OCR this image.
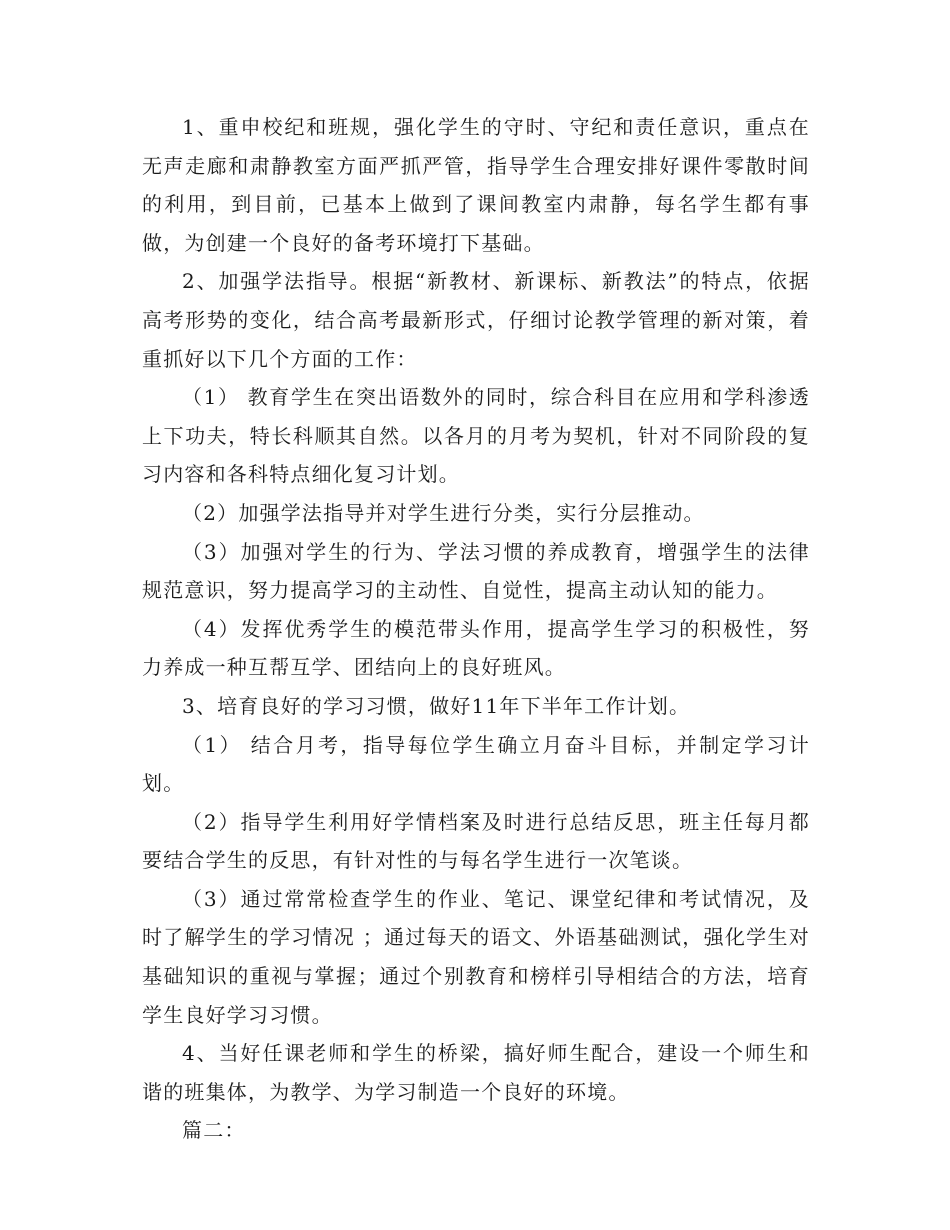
1、重申校纪和班规，强化学生的守时、守纪和责任意识，重点在无声走廊和肃静教室方面严抓严管，指导学生合理安排好课件零散时间的利用，到目前，已基本上做到了课间教室内肃静，每名学生都有事做，为创建一个良好的备考环境打下基础。

2、加强学法指导。根据“新教材、新课标、新教法”的特点，依据高考形势的变化，结合高考最新形式，仔细讨论教学管理的新对策，着重抓好以下几个方面的工作：

（1） 教育学生在突出语数外的同时，综合科目在应用和学科渗透上下功夫，特长科顺其自然。以各月的月考为契机，针对不同阶段的复习内容和各科特点细化复习计划。

（2）加强学法指导并对学生进行分类，实行分层推动。

（3）加强对学生的行为、学法习惯的养成教育，增强学生的法律规范意识，努力提高学习的主动性、自觉性，提高主动认知的能力。

（4）发挥优秀学生的模范带头作用，提高学生学习的积极性，努力养成一种互帮互学、团结向上的良好班风。

3、培育良好的学习习惯，做好11年下半年工作计划。

（1） 结合月考，指导每位学生确立月奋斗目标，并制定学习计划。

（2）指导学生利用好学情档案及时进行总结反思，班主任每月都要结合学生的反思，有针对性的与每名学生进行一次笔谈。

（3）通过常常检查学生的作业、笔记、课堂纪律和考试情况，及时了解学生的学习情况 ；通过每天的语文、外语基础测试，强化学生对基础知识的重视与掌握；通过个别教育和榜样引导相结合的方法，培育学生良好学习习惯。

4、当好任课老师和学生的桥梁，搞好师生配合，建设一个师生和谐的班集体，为教学、为学习制造一个良好的环境。

篇二：
